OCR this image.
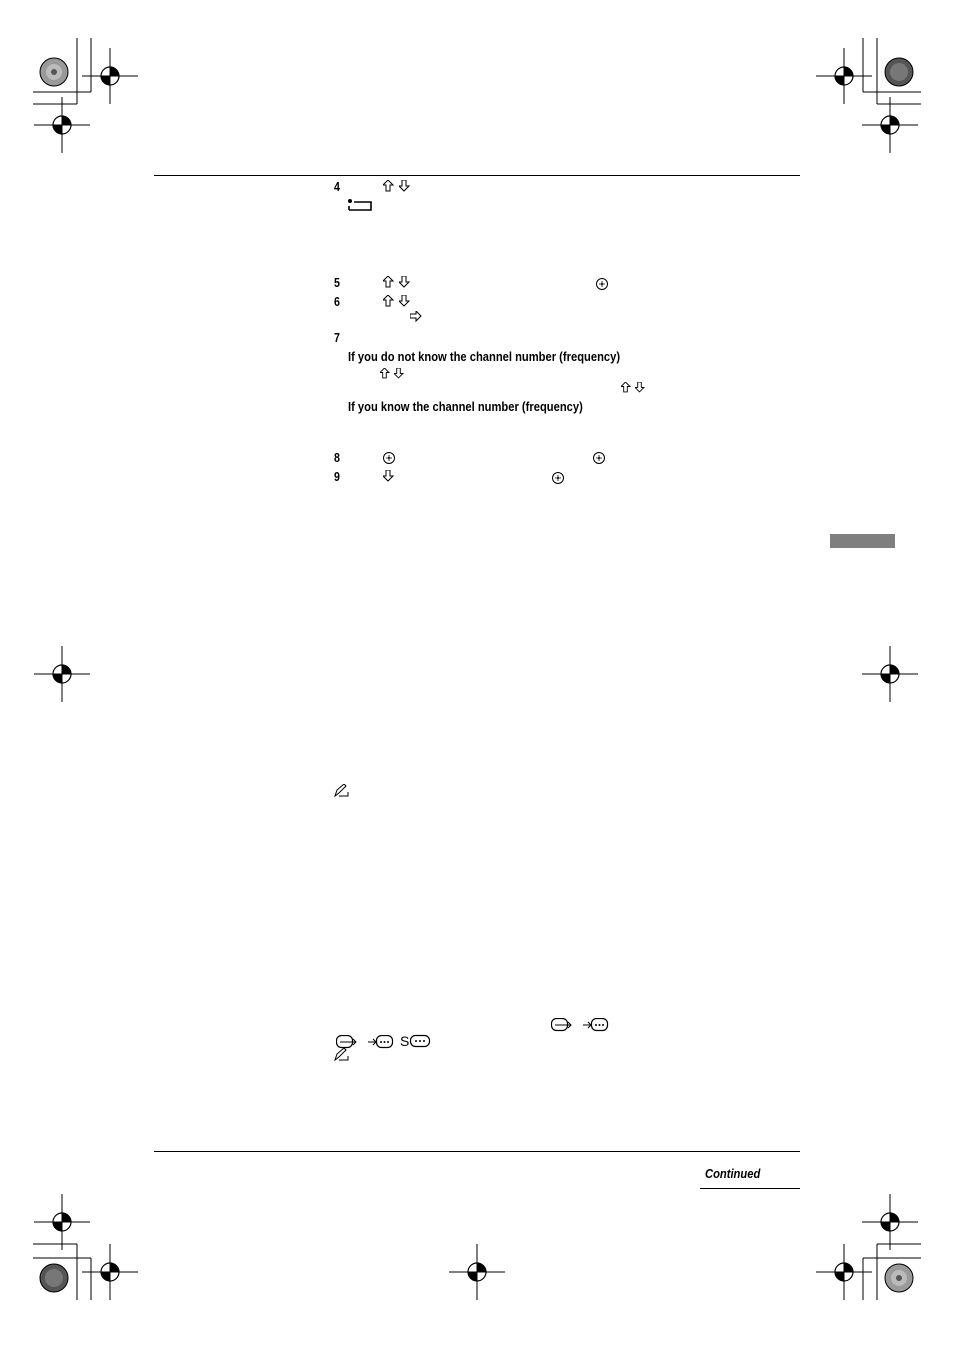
4
5
6
7
If you do not know the channel number (frequency)
If you know the channel number (frequency)
8
9
S
Continued
